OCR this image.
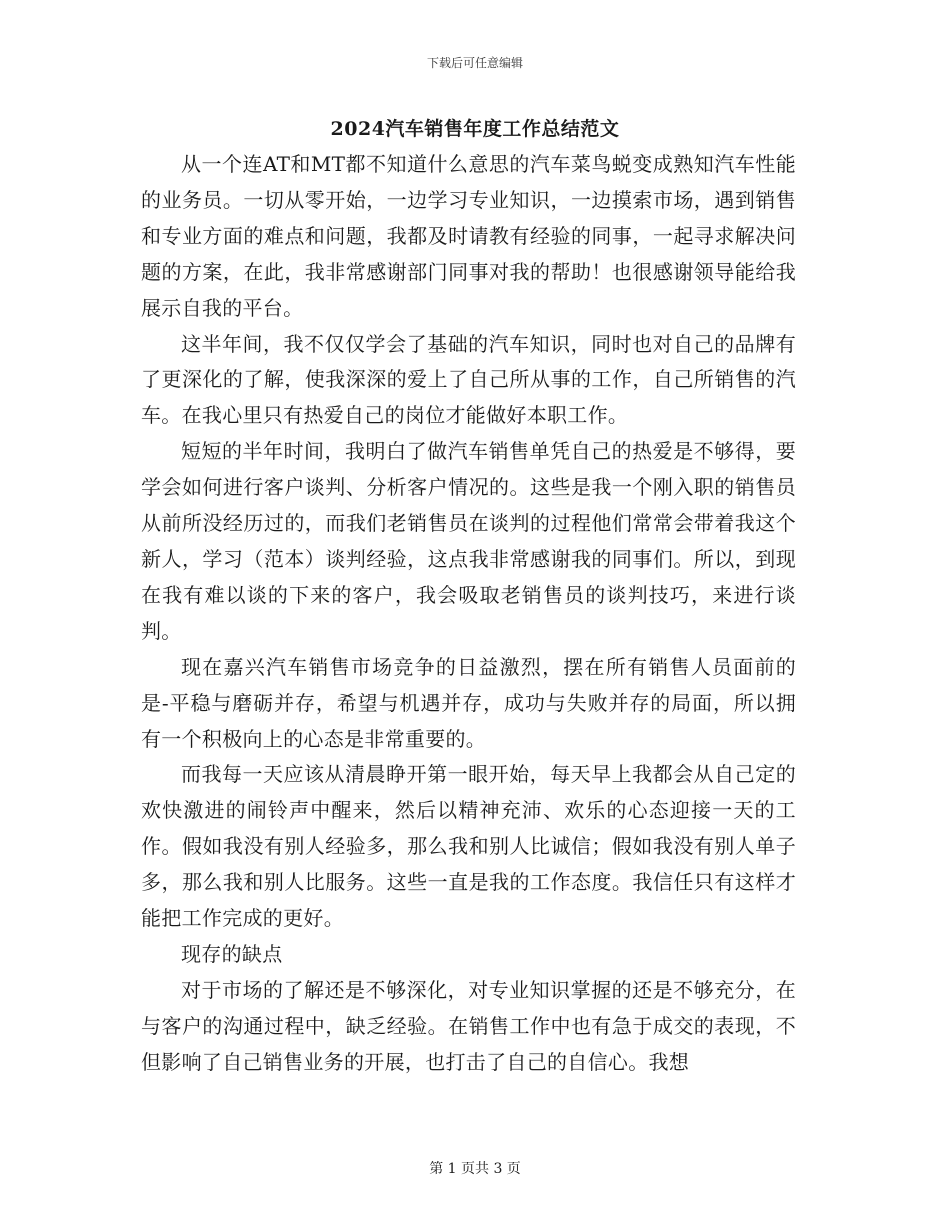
下载后可任意编辑
2024汽车销售年度工作总结范文

从一个连AT和MT都不知道什么意思的汽车菜鸟蜕变成熟知汽车性能的业务员。一切从零开始，一边学习专业知识，一边摸索市场，遇到销售和专业方面的难点和问题，我都及时请教有经验的同事，一起寻求解决问题的方案，在此，我非常感谢部门同事对我的帮助！也很感谢领导能给我展示自我的平台。

这半年间，我不仅仅学会了基础的汽车知识，同时也对自己的品牌有了更深化的了解，使我深深的爱上了自己所从事的工作，自己所销售的汽车。在我心里只有热爱自己的岗位才能做好本职工作。

短短的半年时间，我明白了做汽车销售单凭自己的热爱是不够得，要学会如何进行客户谈判、分析客户情况的。这些是我一个刚入职的销售员从前所没经历过的，而我们老销售员在谈判的过程他们常常会带着我这个新人，学习（范本）谈判经验，这点我非常感谢我的同事们。所以，到现在我有难以谈的下来的客户，我会吸取老销售员的谈判技巧，来进行谈判。

现在嘉兴汽车销售市场竞争的日益激烈，摆在所有销售人员面前的是-平稳与磨砺并存，希望与机遇并存，成功与失败并存的局面，所以拥有一个积极向上的心态是非常重要的。

而我每一天应该从清晨睁开第一眼开始，每天早上我都会从自己定的欢快激进的闹铃声中醒来，然后以精神充沛、欢乐的心态迎接一天的工作。假如我没有别人经验多，那么我和别人比诚信；假如我没有别人单子多，那么我和别人比服务。这些一直是我的工作态度。我信任只有这样才能把工作完成的更好。

现存的缺点

对于市场的了解还是不够深化，对专业知识掌握的还是不够充分，在与客户的沟通过程中，缺乏经验。在销售工作中也有急于成交的表现，不但影响了自己销售业务的开展，也打击了自己的自信心。我想

第 1 页共 3 页
